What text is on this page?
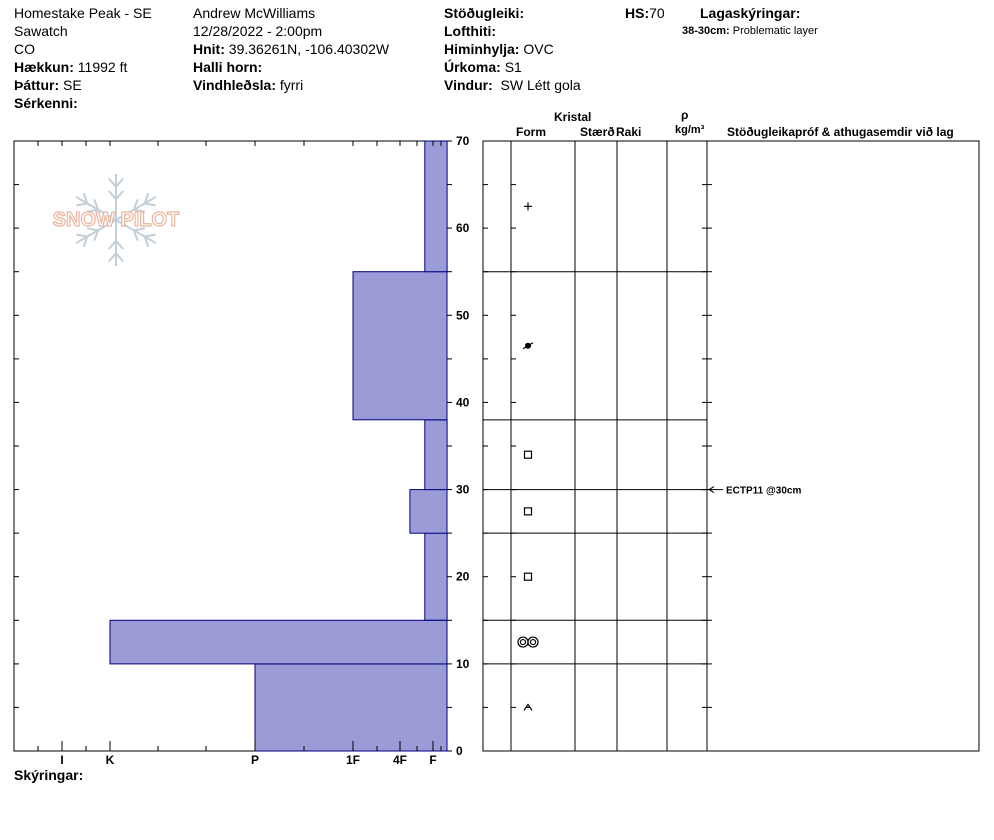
Homestake Peak - SE
Sawatch
CO
Hækkun: 11992 ft
Þáttur: SE
Sérkenni:
Andrew McWilliams
12/28/2022 - 2:00pm
Hnit: 39.36261N, -106.40302W
Halli horn:
Vindhleðsla: fyrri
Stöðugleiki:
Lofthiti:
Himinhylja: OVC
Úrkoma: S1
Vindur: SW Létt gola
HS:70	Lagaskýringar:
38-30cm: Problematic layer
Kristal
Form	Stærð Raki
ρ
kg/m³ Stöðugleikapróf & athugasemdir við lag
Skýringar:
SNOW PILOT
0
10
20
30
40
50
60
70
I	K	P	1F	4F F
ECTP11 @30cm
